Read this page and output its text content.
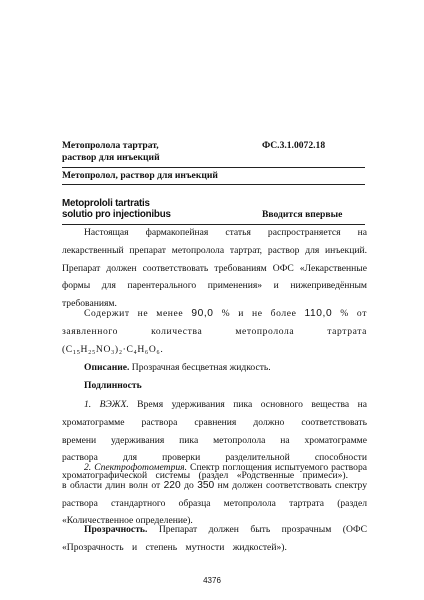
Метопролола тартрат,
раствор для инъекций
ФС.3.1.0072.18
Метопролол, раствор для инъекций
Metoprololi tartratis
solutio pro injectionibus	Вводится впервые
Настоящая фармакопейная статья распространяется на лекарственный препарат метопролола тартрат, раствор для инъекций. Препарат должен соответствовать требованиям ОФС «Лекарственные формы для парентерального применения» и нижеприведённым требованиям.
Содержит не менее 90,0 % и не более 110,0 % от заявленного количества метопролола тартрата $(C_{15}H_{25}NO_3)_2\cdot C_4H_6O_6$.
Описание. Прозрачная бесцветная жидкость.
Подлинность
1. ВЭЖХ. Время удерживания пика основного вещества на хроматограмме раствора сравнения должно соответствовать времени удерживания пика метопролола на хроматограмме раствора для проверки разделительной способности хроматографической системы (раздел «Родственные примеси»).
2. Спектрофотометрия. Спектр поглощения испытуемого раствора в области длин волн от 220 до 350 нм должен соответствовать спектру раствора стандартного образца метопролола тартрата (раздел «Количественное определение).
Прозрачность. Препарат должен быть прозрачным (ОФС «Прозрачность и степень мутности жидкостей»).
4376
